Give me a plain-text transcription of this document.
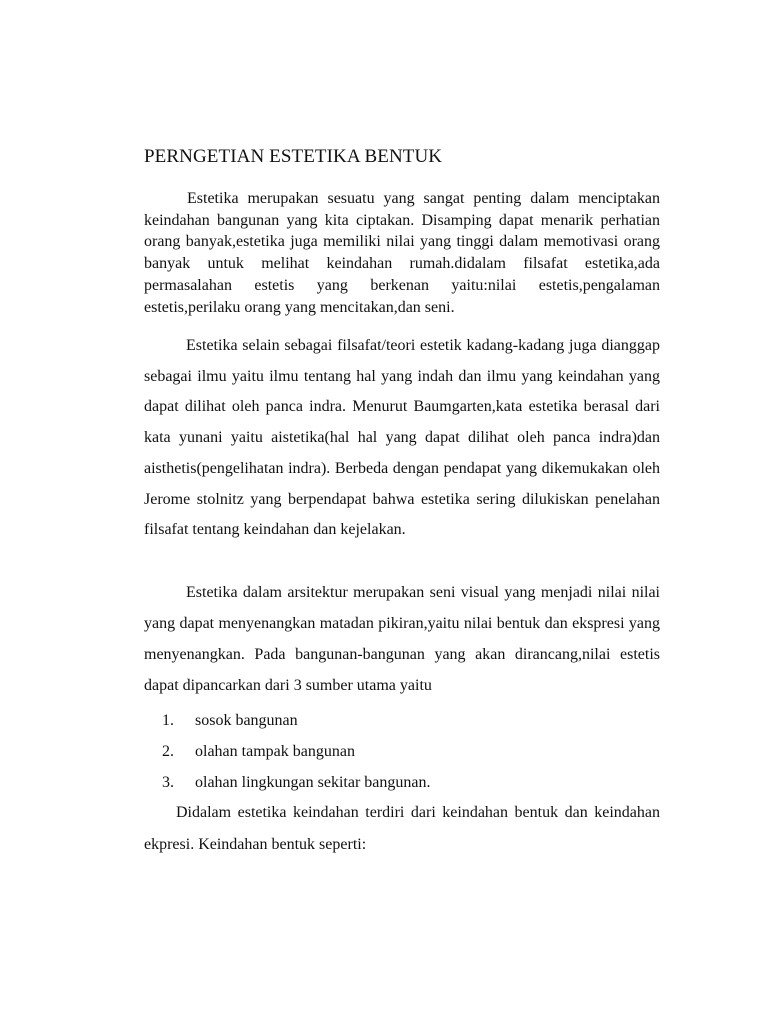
PERNGETIAN ESTETIKA BENTUK

Estetika merupakan sesuatu yang sangat penting dalam menciptakan keindahan bangunan yang kita ciptakan. Disamping dapat menarik perhatian orang banyak,estetika juga memiliki nilai yang tinggi dalam memotivasi orang banyak untuk melihat keindahan rumah.didalam filsafat estetika,ada permasalahan estetis yang berkenan yaitu:nilai estetis,pengalaman estetis,perilaku orang yang mencitakan,dan seni.

Estetika selain sebagai filsafat/teori estetik kadang-kadang juga dianggap sebagai ilmu yaitu ilmu tentang hal yang indah dan ilmu yang keindahan yang dapat dilihat oleh panca indra. Menurut Baumgarten,kata estetika berasal dari kata yunani yaitu aistetika(hal hal yang dapat dilihat oleh panca indra)dan aisthetis(pengelihatan indra). Berbeda dengan pendapat yang dikemukakan oleh Jerome stolnitz yang berpendapat bahwa estetika sering dilukiskan penelahan filsafat tentang keindahan dan kejelakan.

Estetika dalam arsitektur merupakan seni visual yang menjadi nilai nilai yang dapat menyenangkan matadan pikiran,yaitu nilai bentuk dan ekspresi yang menyenangkan. Pada bangunan-bangunan yang akan dirancang,nilai estetis dapat dipancarkan dari 3 sumber utama yaitu

1. sosok bangunan
2. olahan tampak bangunan
3. olahan lingkungan sekitar bangunan.

Didalam estetika keindahan terdiri dari keindahan bentuk dan keindahan ekpresi. Keindahan bentuk seperti:
